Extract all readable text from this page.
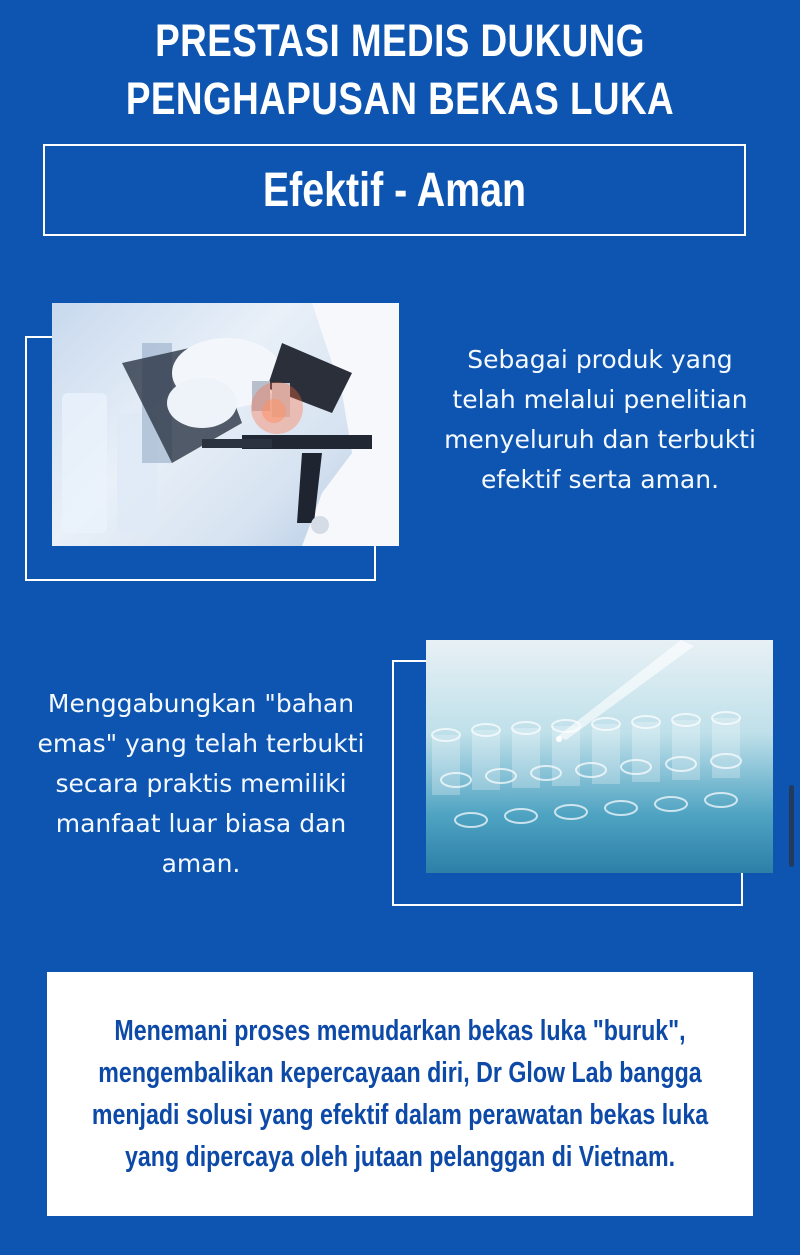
PRESTASI MEDIS DUKUNG
PENGHAPUSAN BEKAS LUKA
Efektif - Aman
Sebagai produk yang
telah melalui penelitian
menyeluruh dan terbukti
efektif serta aman.
Menggabungkan "bahan
emas" yang telah terbukti
secara praktis memiliki
manfaat luar biasa dan
aman.
Menemani proses memudarkan bekas luka "buruk",
mengembalikan kepercayaan diri, Dr Glow Lab bangga
menjadi solusi yang efektif dalam perawatan bekas luka
yang dipercaya oleh jutaan pelanggan di Vietnam.
